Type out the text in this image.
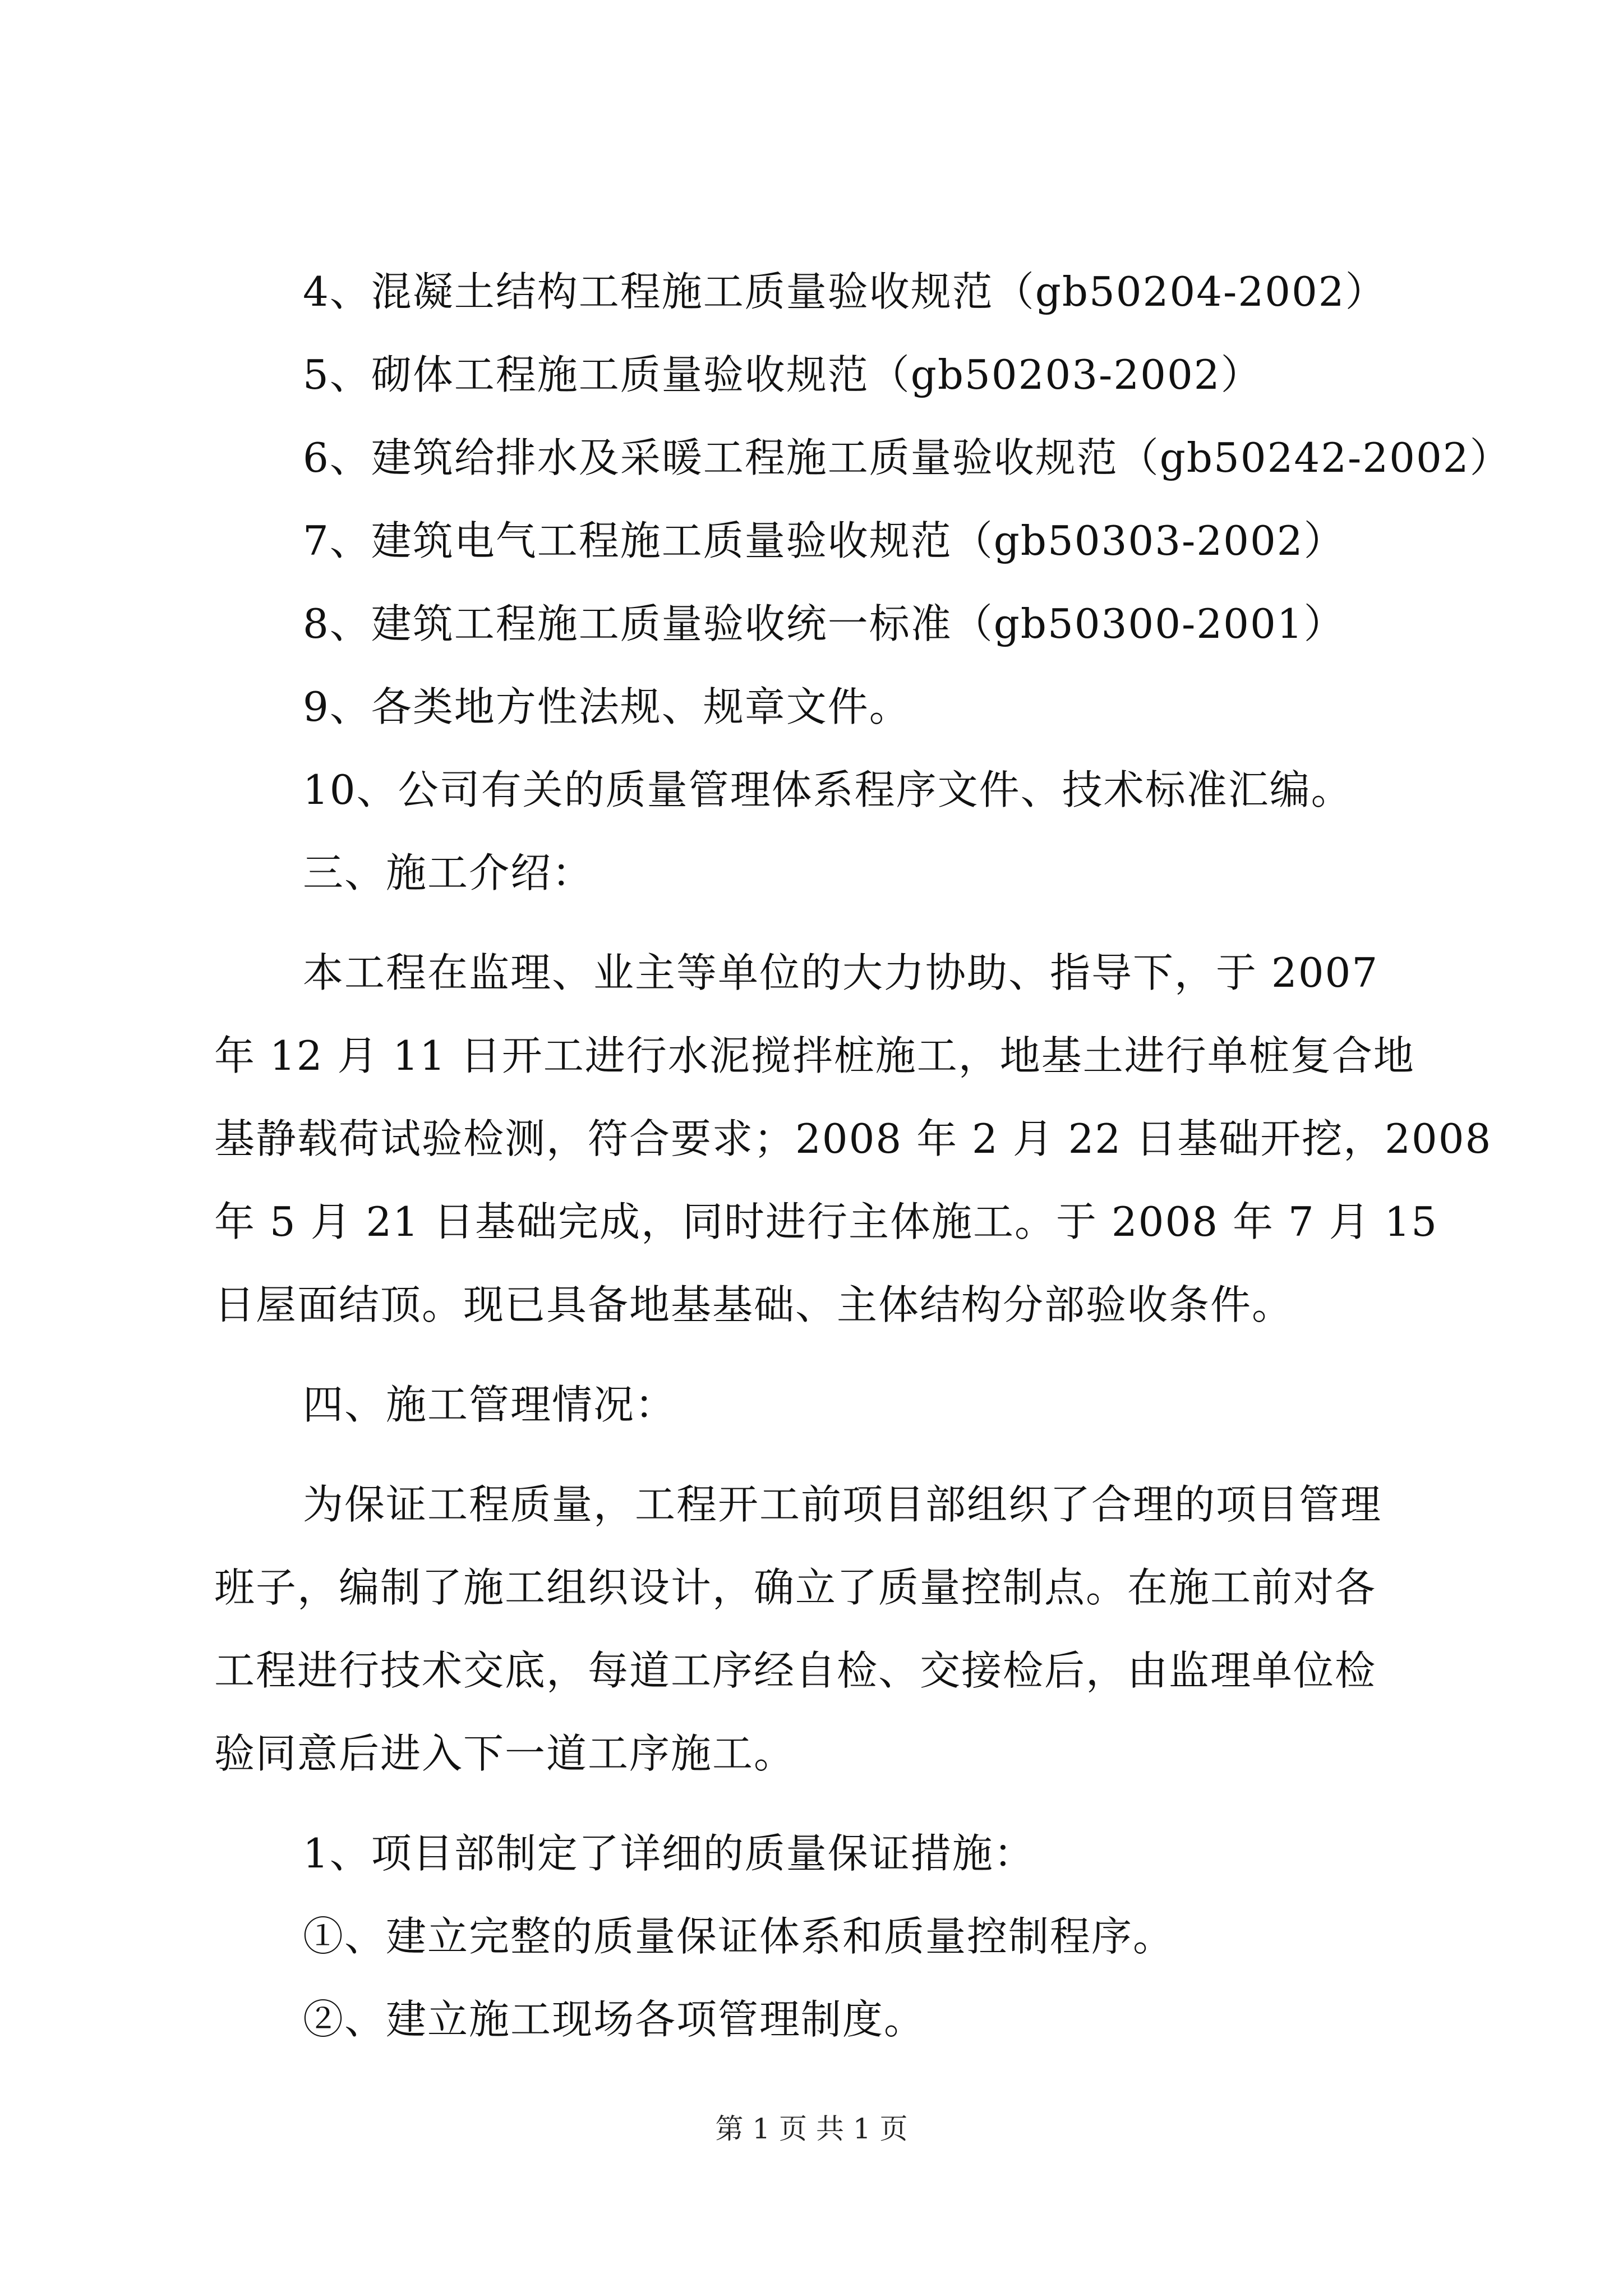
4、混凝土结构工程施工质量验收规范（gb50204-2002）

5、砌体工程施工质量验收规范（gb50203-2002）

6、建筑给排水及采暖工程施工质量验收规范（gb50242-2002）

7、建筑电气工程施工质量验收规范（gb50303-2002）

8、建筑工程施工质量验收统一标准（gb50300-2001）

9、各类地方性法规、规章文件。

10、公司有关的质量管理体系程序文件、技术标准汇编。

三、施工介绍：

本工程在监理、业主等单位的大力协助、指导下，于 2007

年 12 月 11 日开工进行水泥搅拌桩施工，地基土进行单桩复合地

基静载荷试验检测，符合要求；2008 年 2 月 22 日基础开挖，2008

年 5 月 21 日基础完成，同时进行主体施工。于 2008 年 7 月 15

日屋面结顶。现已具备地基基础、主体结构分部验收条件。

四、施工管理情况：

为保证工程质量，工程开工前项目部组织了合理的项目管理

班子，编制了施工组织设计，确立了质量控制点。在施工前对各

工程进行技术交底，每道工序经自检、交接检后，由监理单位检

验同意后进入下一道工序施工。

1、项目部制定了详细的质量保证措施：

①、建立完整的质量保证体系和质量控制程序。

②、建立施工现场各项管理制度。

第 1 页 共 1 页
